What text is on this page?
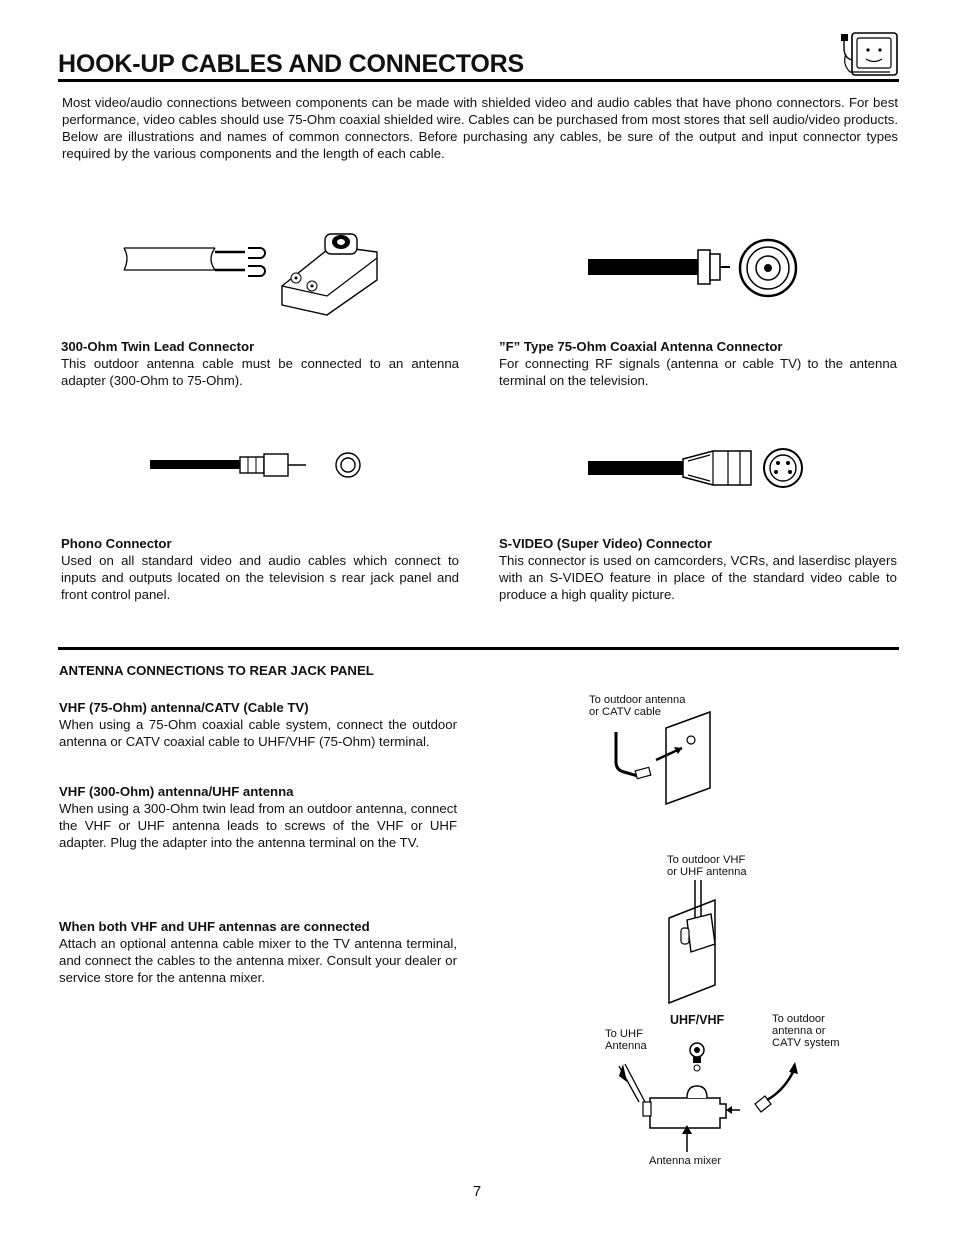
HOOK-UP CABLES AND CONNECTORS
Most video/audio connections between components can be made with shielded video and audio cables that have phono connectors. For best performance, video cables should use 75-Ohm coaxial shielded wire. Cables can be purchased from most stores that sell audio/video products. Below are illustrations and names of common connectors. Before purchasing any cables, be sure of the output and input connector types required by the various components and the length of each cable.
300-Ohm Twin Lead Connector
This outdoor antenna cable must be connected to an antenna adapter (300-Ohm to 75-Ohm).
”F” Type 75-Ohm Coaxial Antenna Connector
For connecting RF signals (antenna or cable TV) to the antenna terminal on the television.
Phono Connector
Used on all standard video and audio cables which connect to inputs and outputs located on the television s rear jack panel and front control panel.
S-VIDEO (Super Video) Connector
This connector is used on camcorders, VCRs, and laserdisc players with an S-VIDEO feature in place of the standard video cable to produce a high quality picture.
ANTENNA CONNECTIONS TO REAR JACK PANEL
VHF (75-Ohm) antenna/CATV (Cable TV)
When using a 75-Ohm coaxial cable system, connect the outdoor antenna or CATV coaxial cable to UHF/VHF (75-Ohm) terminal.
VHF (300-Ohm) antenna/UHF antenna
When using a 300-Ohm twin lead from an outdoor antenna, connect the VHF or UHF antenna leads to screws of the VHF or UHF adapter. Plug the adapter into the antenna terminal on the TV.
When both VHF and UHF antennas are connected
Attach an optional antenna cable mixer to the TV antenna terminal, and connect the cables to the antenna mixer. Consult your dealer or service store for the antenna mixer.
To outdoor antenna
or CATV cable
To outdoor VHF
or UHF antenna
UHF/VHF
To UHF
Antenna
To outdoor
antenna or
CATV system
Antenna mixer
7
